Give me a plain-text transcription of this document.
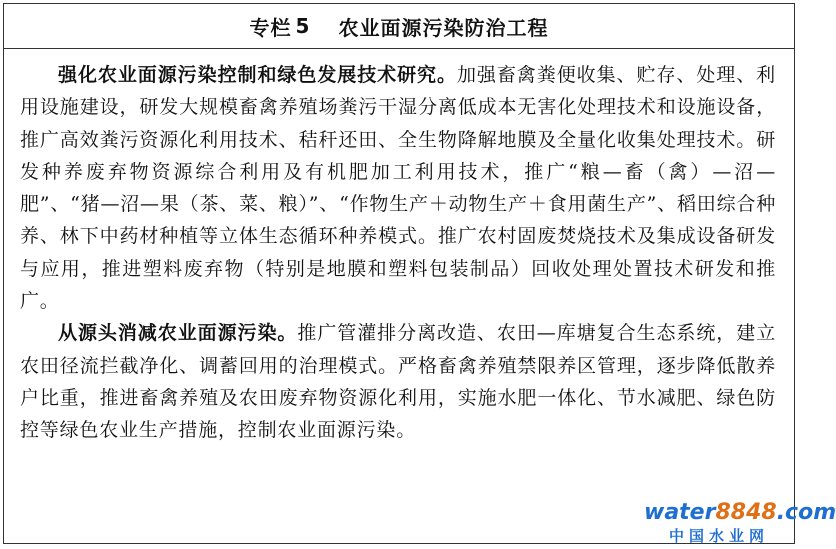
专栏 5 农业面源污染防治工程

强化农业面源污染控制和绿色发展技术研究。加强畜禽粪便收集、贮存、处理、利用设施建设，研发大规模畜禽养殖场粪污干湿分离低成本无害化处理技术和设施设备，推广高效粪污资源化利用技术、秸秆还田、全生物降解地膜及全量化收集处理技术。研发种养废弃物资源综合利用及有机肥加工利用技术，推广“粮—畜（禽）—沼—肥”、“猪—沼—果（茶、菜、粮）”、“作物生产＋动物生产＋食用菌生产”、稻田综合种养、林下中药材种植等立体生态循环种养模式。推广农村固废焚烧技术及集成设备研发与应用，推进塑料废弃物（特别是地膜和塑料包装制品）回收处理处置技术研发和推广。

从源头消减农业面源污染。推广管灌排分离改造、农田—库塘复合生态系统，建立农田径流拦截净化、调蓄回用的治理模式。严格畜禽养殖禁限养区管理，逐步降低散养户比重，推进畜禽养殖及农田废弃物资源化利用，实施水肥一体化、节水减肥、绿色防控等绿色农业生产措施，控制农业面源污染。

water8848.com
中国水业网
